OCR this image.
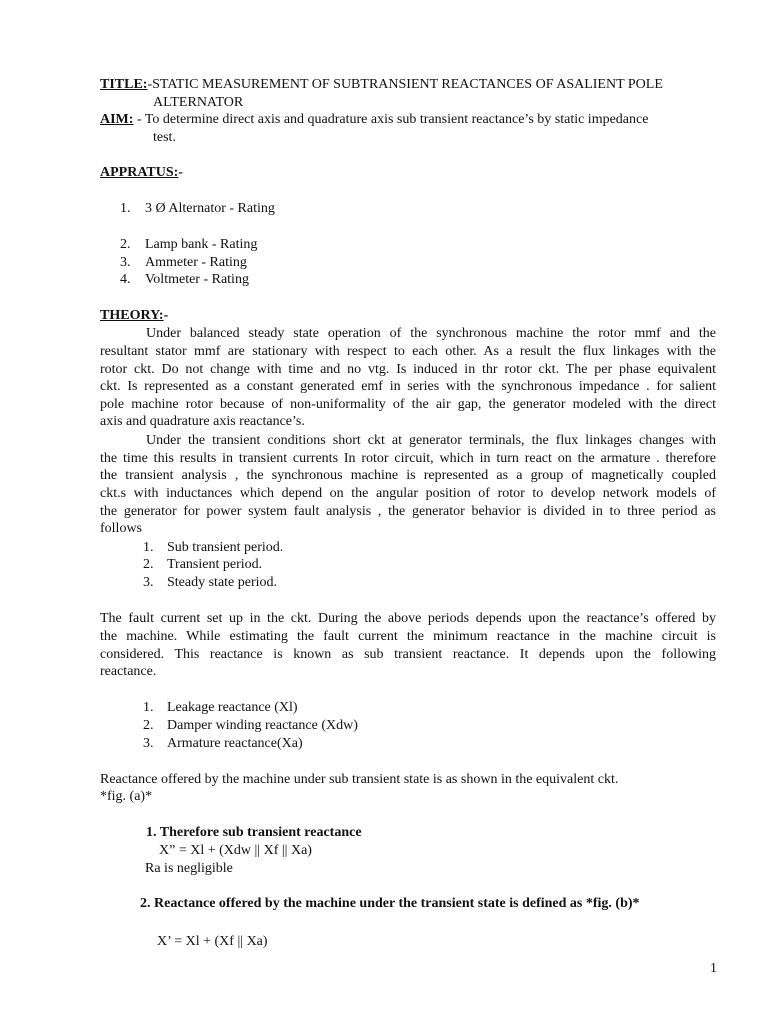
TITLE:-STATIC MEASUREMENT OF SUBTRANSIENT REACTANCES OF ASALIENT POLE
ALTERNATOR
AIM: - To determine direct axis and quadrature axis sub transient reactance’s by static impedance
test.
APPRATUS:-
1. 3 Ø Alternator - Rating
2. Lamp bank - Rating
3. Ammeter - Rating
4. Voltmeter - Rating
THEORY:-
Under balanced steady state operation of the synchronous machine the rotor mmf and the
resultant stator mmf are stationary with respect to each other. As a result the flux linkages with the
rotor ckt. Do not change with time and no vtg. Is induced in thr rotor ckt. The per phase equivalent
ckt. Is represented as a constant generated emf in series with the synchronous impedance . for salient
pole machine rotor because of non-uniformality of the air gap, the generator modeled with the direct
axis and quadrature axis reactance’s.
Under the transient conditions short ckt at generator terminals, the flux linkages changes with
the time this results in transient currents In rotor circuit, which in turn react on the armature . therefore
the transient analysis , the synchronous machine is represented as a group of magnetically coupled
ckt.s with inductances which depend on the angular position of rotor to develop network models of
the generator for power system fault analysis , the generator behavior is divided in to three period as
follows
1. Sub transient period.
2. Transient period.
3. Steady state period.
The fault current set up in the ckt. During the above periods depends upon the reactance’s offered by
the machine. While estimating the fault current the minimum reactance in the machine circuit is
considered. This reactance is known as sub transient reactance. It depends upon the following
reactance.
1. Leakage reactance (Xl)
2. Damper winding reactance (Xdw)
3. Armature reactance(Xa)
Reactance offered by the machine under sub transient state is as shown in the equivalent ckt.
*fig. (a)*
1. Therefore sub transient reactance
X” = Xl + (Xdw || Xf || Xa)
Ra is negligible
2. Reactance offered by the machine under the transient state is defined as *fig. (b)*
X’ = Xl + (Xf || Xa)
1
